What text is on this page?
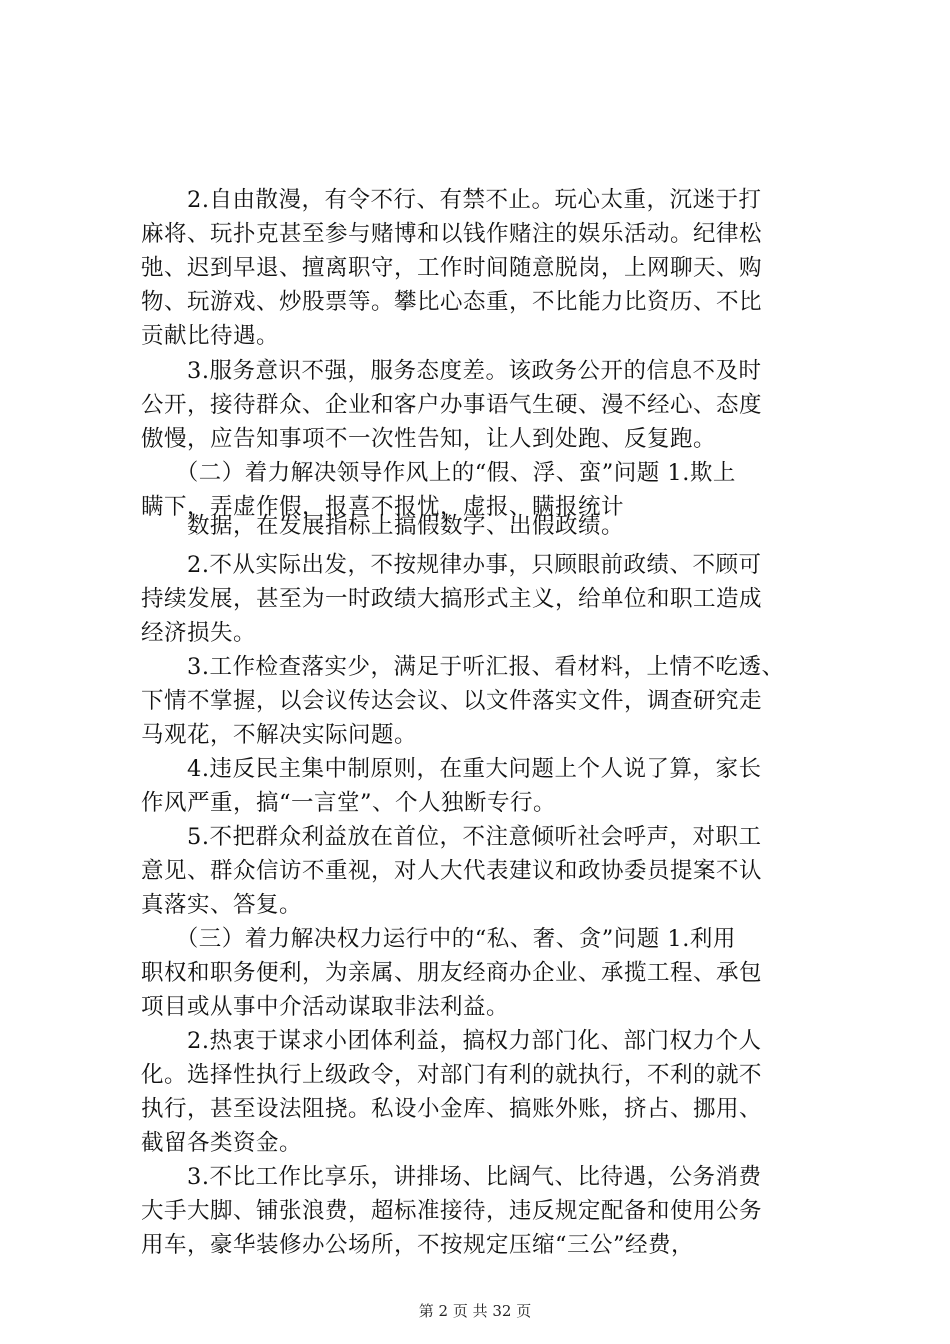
　　2.自由散漫，有令不行、有禁不止。玩心太重，沉迷于打
麻将、玩扑克甚至参与赌博和以钱作赌注的娱乐活动。纪律松
弛、迟到早退、擅离职守，工作时间随意脱岗，上网聊天、购
物、玩游戏、炒股票等。攀比心态重，不比能力比资历、不比
贡献比待遇。
　　3.服务意识不强，服务态度差。该政务公开的信息不及时
公开，接待群众、企业和客户办事语气生硬、漫不经心、态度
傲慢，应告知事项不一次性告知，让人到处跑、反复跑。
　　（二）着力解决领导作风上的“假、浮、蛮”问题 1.欺上
瞒下，弄虚作假，报喜不报忧，虚报、瞒报统计
　　数据，在发展指标上搞假数字、出假政绩。
　　2.不从实际出发，不按规律办事，只顾眼前政绩、不顾可
持续发展，甚至为一时政绩大搞形式主义，给单位和职工造成
经济损失。
　　3.工作检查落实少，满足于听汇报、看材料，上情不吃透、
下情不掌握，以会议传达会议、以文件落实文件，调查研究走
马观花，不解决实际问题。
　　4.违反民主集中制原则，在重大问题上个人说了算，家长
作风严重，搞“一言堂”、个人独断专行。
　　5.不把群众利益放在首位，不注意倾听社会呼声，对职工
意见、群众信访不重视，对人大代表建议和政协委员提案不认
真落实、答复。
　　（三）着力解决权力运行中的“私、奢、贪”问题 1.利用
职权和职务便利，为亲属、朋友经商办企业、承揽工程、承包
项目或从事中介活动谋取非法利益。
　　2.热衷于谋求小团体利益，搞权力部门化、部门权力个人
化。选择性执行上级政令，对部门有利的就执行，不利的就不
执行，甚至设法阻挠。私设小金库、搞账外账，挤占、挪用、
截留各类资金。
　　3.不比工作比享乐，讲排场、比阔气、比待遇，公务消费
大手大脚、铺张浪费，超标准接待，违反规定配备和使用公务
用车，豪华装修办公场所，不按规定压缩“三公”经费，
第 2 页 共 32 页
